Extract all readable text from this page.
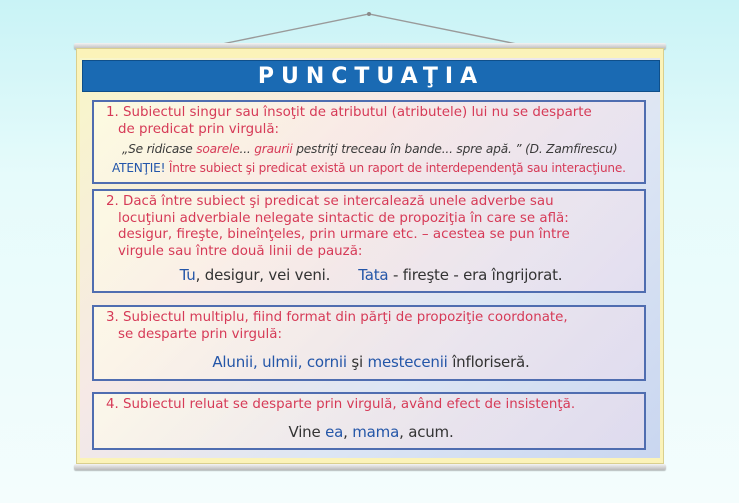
PUNCTUAŢIA

1. Subiectul singur sau însoţit de atributul (atributele) lui nu se desparte
de predicat prin virgulă:

„Se ridicase soarele... graurii pestriţi treceau în bande... spre apă. ” (D. Zamfirescu)

ATENŢIE! Între subiect şi predicat există un raport de interdependenţă sau interacţiune.

2. Dacă între subiect şi predicat se intercalează unele adverbe sau
locuţiuni adverbiale nelegate sintactic de propoziţia în care se află:
desigur, fireşte, bineînţeles, prin urmare etc. – acestea se pun între
virgule sau între două linii de pauză:

Tu, desigur, vei veni. Tata - fireşte - era îngrijorat.

3. Subiectul multiplu, fiind format din părţi de propoziţie coordonate,
se desparte prin virgulă:

Alunii, ulmii, cornii şi mestecenii înfloriseră.

4. Subiectul reluat se desparte prin virgulă, având efect de insistenţă.

Vine ea, mama, acum.
